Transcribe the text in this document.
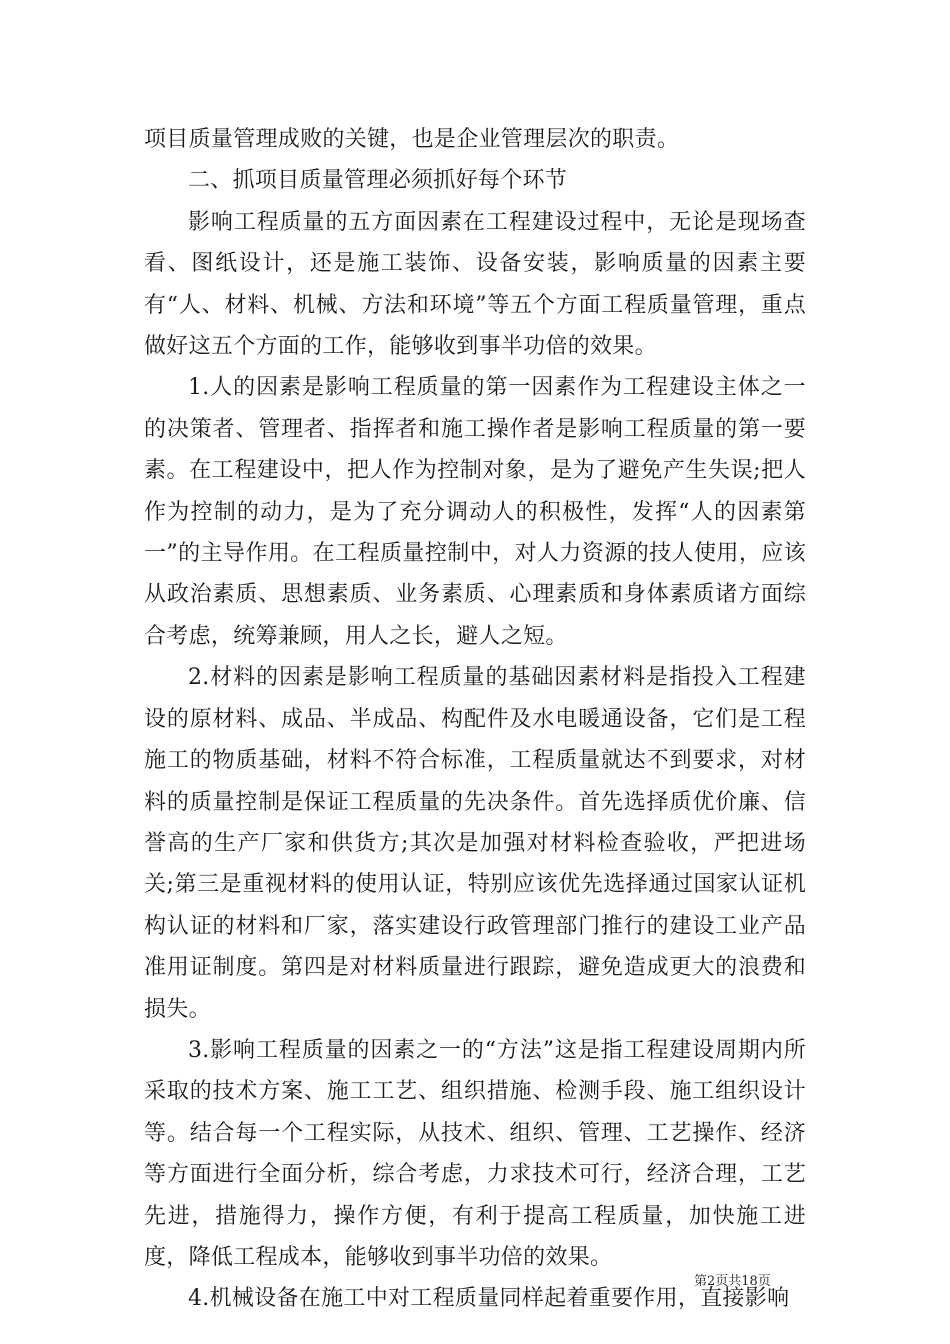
项目质量管理成败的关键，也是企业管理层次的职责。

二、抓项目质量管理必须抓好每个环节

影响工程质量的五方面因素在工程建设过程中，无论是现场查看、图纸设计，还是施工装饰、设备安装，影响质量的因素主要有“人、材料、机械、方法和环境”等五个方面工程质量管理，重点做好这五个方面的工作，能够收到事半功倍的效果。

1.人的因素是影响工程质量的第一因素作为工程建设主体之一的决策者、管理者、指挥者和施工操作者是影响工程质量的第一要素。在工程建设中，把人作为控制对象，是为了避免产生失误;把人作为控制的动力，是为了充分调动人的积极性，发挥“人的因素第一”的主导作用。在工程质量控制中，对人力资源的技人使用，应该从政治素质、思想素质、业务素质、心理素质和身体素质诸方面综合考虑，统筹兼顾，用人之长，避人之短。

2.材料的因素是影响工程质量的基础因素材料是指投入工程建设的原材料、成品、半成品、构配件及水电暖通设备，它们是工程施工的物质基础，材料不符合标准，工程质量就达不到要求，对材料的质量控制是保证工程质量的先决条件。首先选择质优价廉、信誉高的生产厂家和供货方;其次是加强对材料检查验收，严把进场关;第三是重视材料的使用认证，特别应该优先选择通过国家认证机构认证的材料和厂家，落实建设行政管理部门推行的建设工业产品准用证制度。第四是对材料质量进行跟踪，避免造成更大的浪费和损失。

3.影响工程质量的因素之一的“方法”这是指工程建设周期内所采取的技术方案、施工工艺、组织措施、检测手段、施工组织设计等。结合每一个工程实际，从技术、组织、管理、工艺操作、经济等方面进行全面分析，综合考虑，力求技术可行，经济合理，工艺先进，措施得力，操作方便，有利于提高工程质量，加快施工进度，降低工程成本，能够收到事半功倍的效果。

4.机械设备在施工中对工程质量同样起着重要作用，直接影响

第2页共18页
